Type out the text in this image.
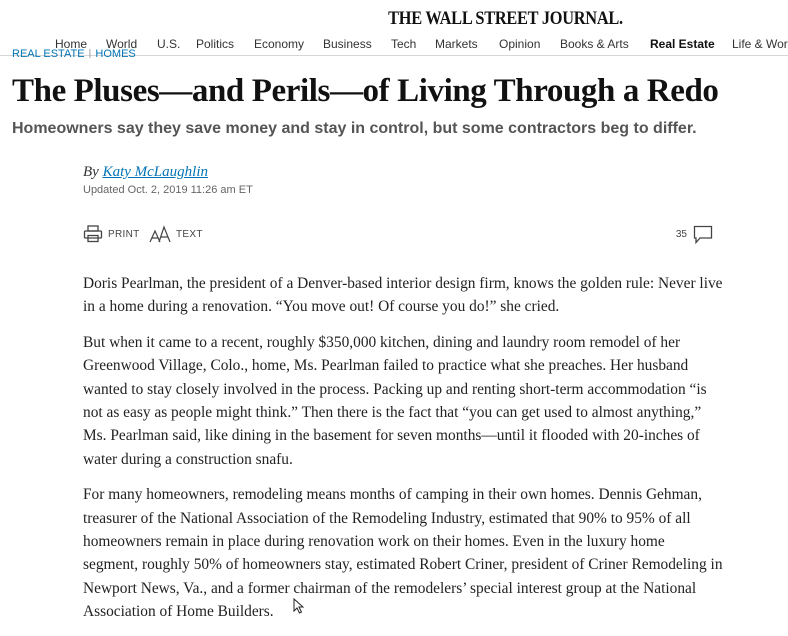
THE WALL STREET JOURNAL.
Home World U.S. Politics Economy Business Tech Markets Opinion Books & Arts Real Estate Life & Wor
REAL ESTATE | HOMES
The Pluses—and Perils—of Living Through a Redo
Homeowners say they save money and stay in control, but some contractors beg to differ.
By Katy McLaughlin
Updated Oct. 2, 2019 11:26 am ET
PRINT	TEXT	35

Doris Pearlman, the president of a Denver-based interior design firm, knows the golden rule: Never live in a home during a renovation. “You move out! Of course you do!” she cried.

But when it came to a recent, roughly $350,000 kitchen, dining and laundry room remodel of her Greenwood Village, Colo., home, Ms. Pearlman failed to practice what she preaches. Her husband wanted to stay closely involved in the process. Packing up and renting short-term accommodation “is not as easy as people might think.” Then there is the fact that “you can get used to almost anything,” Ms. Pearlman said, like dining in the basement for seven months—until it flooded with 20-inches of water during a construction snafu.

For many homeowners, remodeling means months of camping in their own homes. Dennis Gehman, treasurer of the National Association of the Remodeling Industry, estimated that 90% to 95% of all homeowners remain in place during renovation work on their homes. Even in the luxury home segment, roughly 50% of homeowners stay, estimated Robert Criner, president of Criner Remodeling in Newport News, Va., and a former chairman of the remodelers’ special interest group at the National Association of Home Builders.
